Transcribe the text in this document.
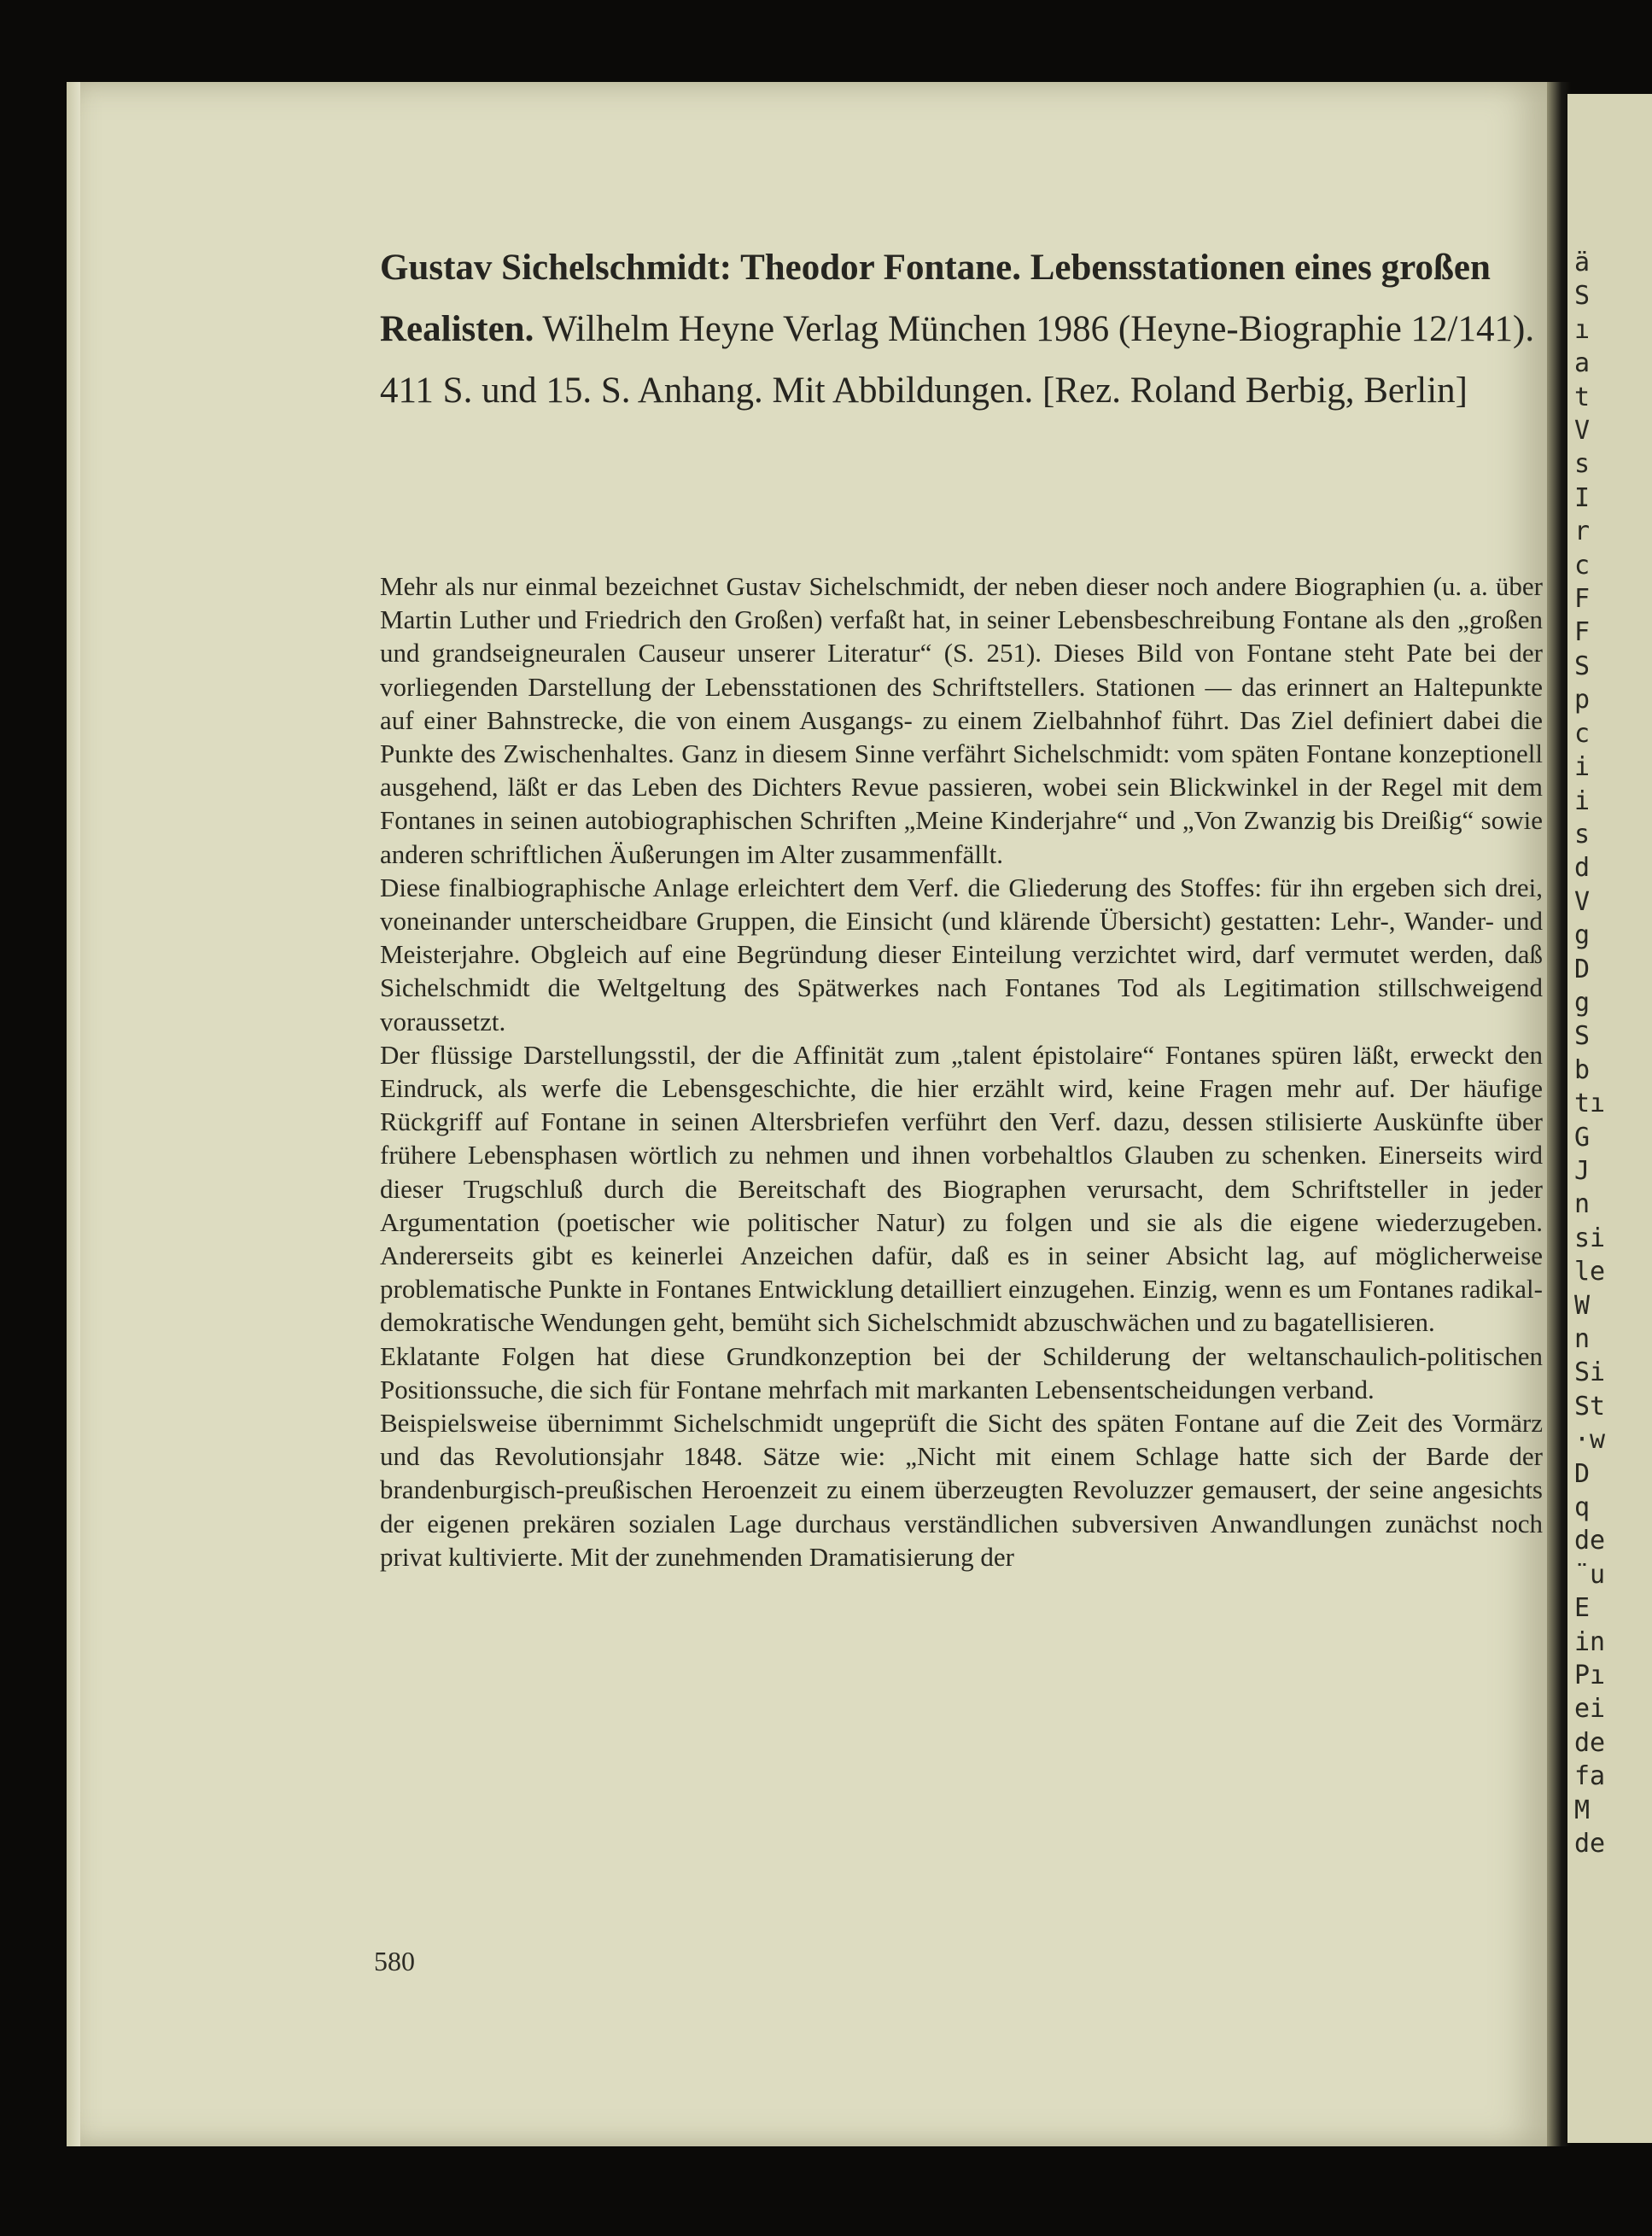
Gustav Sichelschmidt: Theodor Fontane. Lebensstationen eines großen Realisten. Wilhelm Heyne Verlag München 1986 (Heyne-Biographie 12/141). 411 S. und 15. S. Anhang. Mit Abbildungen. [Rez. Roland Berbig, Berlin]

Mehr als nur einmal bezeichnet Gustav Sichelschmidt, der neben dieser noch andere Biographien (u. a. über Martin Luther und Friedrich den Großen) verfaßt hat, in seiner Lebensbeschreibung Fontane als den „großen und grandseigneuralen Causeur unserer Literatur“ (S. 251). Dieses Bild von Fontane steht Pate bei der vorliegenden Darstellung der Lebensstationen des Schriftstellers. Stationen — das erinnert an Haltepunkte auf einer Bahnstrecke, die von einem Ausgangs- zu einem Zielbahnhof führt. Das Ziel definiert dabei die Punkte des Zwischenhaltes. Ganz in diesem Sinne verfährt Sichelschmidt: vom späten Fontane konzeptionell ausgehend, läßt er das Leben des Dichters Revue passieren, wobei sein Blickwinkel in der Regel mit dem Fontanes in seinen autobiographischen Schriften „Meine Kinderjahre“ und „Von Zwanzig bis Dreißig“ sowie anderen schriftlichen Äußerungen im Alter zusammenfällt.

Diese finalbiographische Anlage erleichtert dem Verf. die Gliederung des Stoffes: für ihn ergeben sich drei, voneinander unterscheidbare Gruppen, die Einsicht (und klärende Übersicht) gestatten: Lehr-, Wander- und Meisterjahre. Obgleich auf eine Begründung dieser Einteilung verzichtet wird, darf vermutet werden, daß Sichelschmidt die Weltgeltung des Spätwerkes nach Fontanes Tod als Legitimation stillschweigend voraussetzt.

Der flüssige Darstellungsstil, der die Affinität zum „talent épistolaire“ Fontanes spüren läßt, erweckt den Eindruck, als werfe die Lebensgeschichte, die hier erzählt wird, keine Fragen mehr auf. Der häufige Rückgriff auf Fontane in seinen Altersbriefen verführt den Verf. dazu, dessen stilisierte Auskünfte über frühere Lebensphasen wörtlich zu nehmen und ihnen vorbehaltlos Glauben zu schenken. Einerseits wird dieser Trugschluß durch die Bereitschaft des Biographen verursacht, dem Schriftsteller in jeder Argumentation (poetischer wie politischer Natur) zu folgen und sie als die eigene wiederzugeben. Andererseits gibt es keinerlei Anzeichen dafür, daß es in seiner Absicht lag, auf möglicherweise problematische Punkte in Fontanes Entwicklung detailliert einzugehen. Einzig, wenn es um Fontanes radikal-demokratische Wendungen geht, bemüht sich Sichelschmidt abzuschwächen und zu bagatellisieren.

Eklatante Folgen hat diese Grundkonzeption bei der Schilderung der weltanschaulich-politischen Positionssuche, die sich für Fontane mehrfach mit markanten Lebensentscheidungen verband.

Beispielsweise übernimmt Sichelschmidt ungeprüft die Sicht des späten Fontane auf die Zeit des Vormärz und das Revolutionsjahr 1848. Sätze wie: „Nicht mit einem Schlage hatte sich der Barde der brandenburgisch-preußischen Heroenzeit zu einem überzeugten Revoluzzer gemausert, der seine angesichts der eigenen prekären sozialen Lage durchaus verständlichen subversiven Anwandlungen zunächst noch privat kultivierte. Mit der zunehmenden Dramatisierung der

580
ä
S
ı
a
t
V
s
I
r
c
F
F
S
p
c
i
i
s
d
V
g
D
g
S
b
tı
G
J
n
si
le
W
n
Si
St
·w
D
q
de
¨u
E
in
Pı
ei
de
fa
M
de
